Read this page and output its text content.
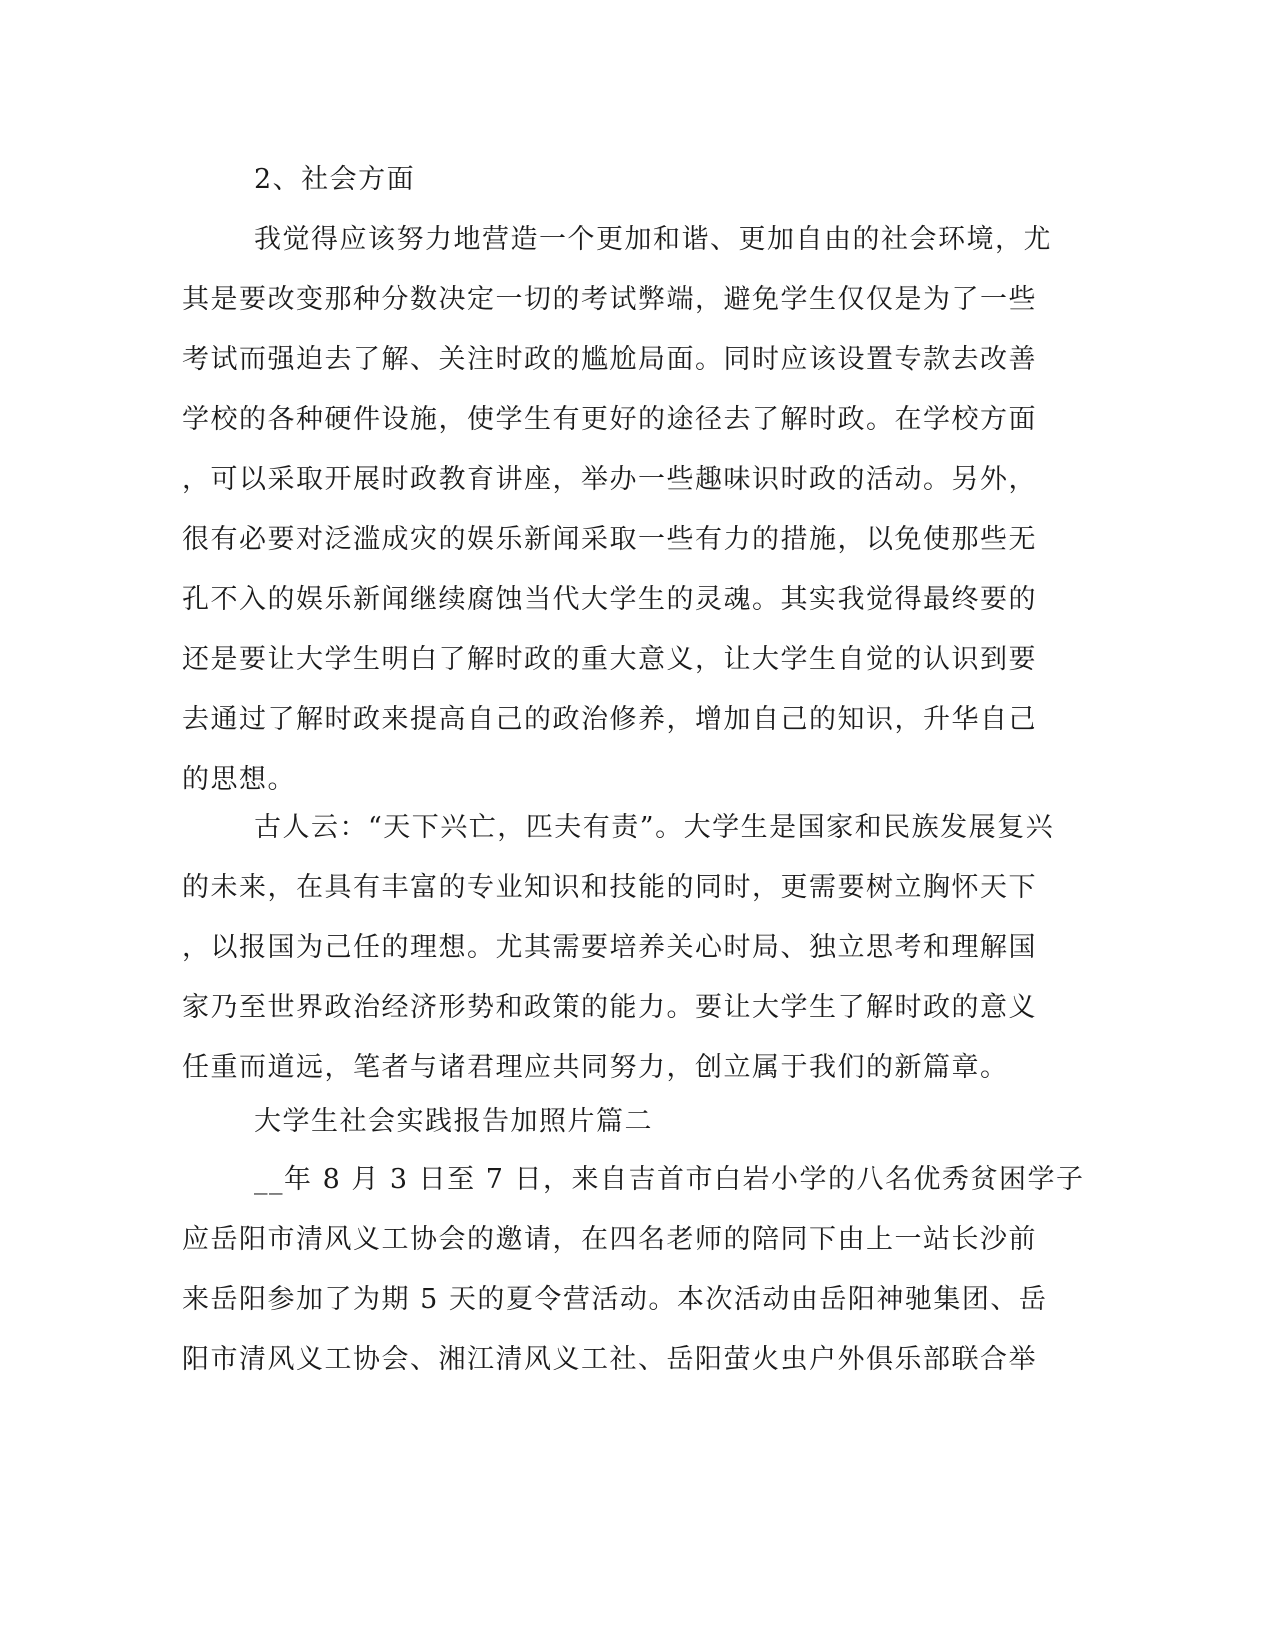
2、社会方面
我觉得应该努力地营造一个更加和谐、更加自由的社会环境，尤
其是要改变那种分数决定一切的考试弊端，避免学生仅仅是为了一些
考试而强迫去了解、关注时政的尴尬局面。同时应该设置专款去改善
学校的各种硬件设施，使学生有更好的途径去了解时政。在学校方面
，可以采取开展时政教育讲座，举办一些趣味识时政的活动。另外，
很有必要对泛滥成灾的娱乐新闻采取一些有力的措施，以免使那些无
孔不入的娱乐新闻继续腐蚀当代大学生的灵魂。其实我觉得最终要的
还是要让大学生明白了解时政的重大意义，让大学生自觉的认识到要
去通过了解时政来提高自己的政治修养，增加自己的知识，升华自己
的思想。
古人云：“天下兴亡，匹夫有责”。大学生是国家和民族发展复兴
的未来，在具有丰富的专业知识和技能的同时，更需要树立胸怀天下
，以报国为己任的理想。尤其需要培养关心时局、独立思考和理解国
家乃至世界政治经济形势和政策的能力。要让大学生了解时政的意义
任重而道远，笔者与诸君理应共同努力，创立属于我们的新篇章。
大学生社会实践报告加照片篇二
__年 8 月 3 日至 7 日，来自吉首市白岩小学的八名优秀贫困学子
应岳阳市清风义工协会的邀请，在四名老师的陪同下由上一站长沙前
来岳阳参加了为期 5 天的夏令营活动。本次活动由岳阳神驰集团、岳
阳市清风义工协会、湘江清风义工社、岳阳萤火虫户外俱乐部联合举
